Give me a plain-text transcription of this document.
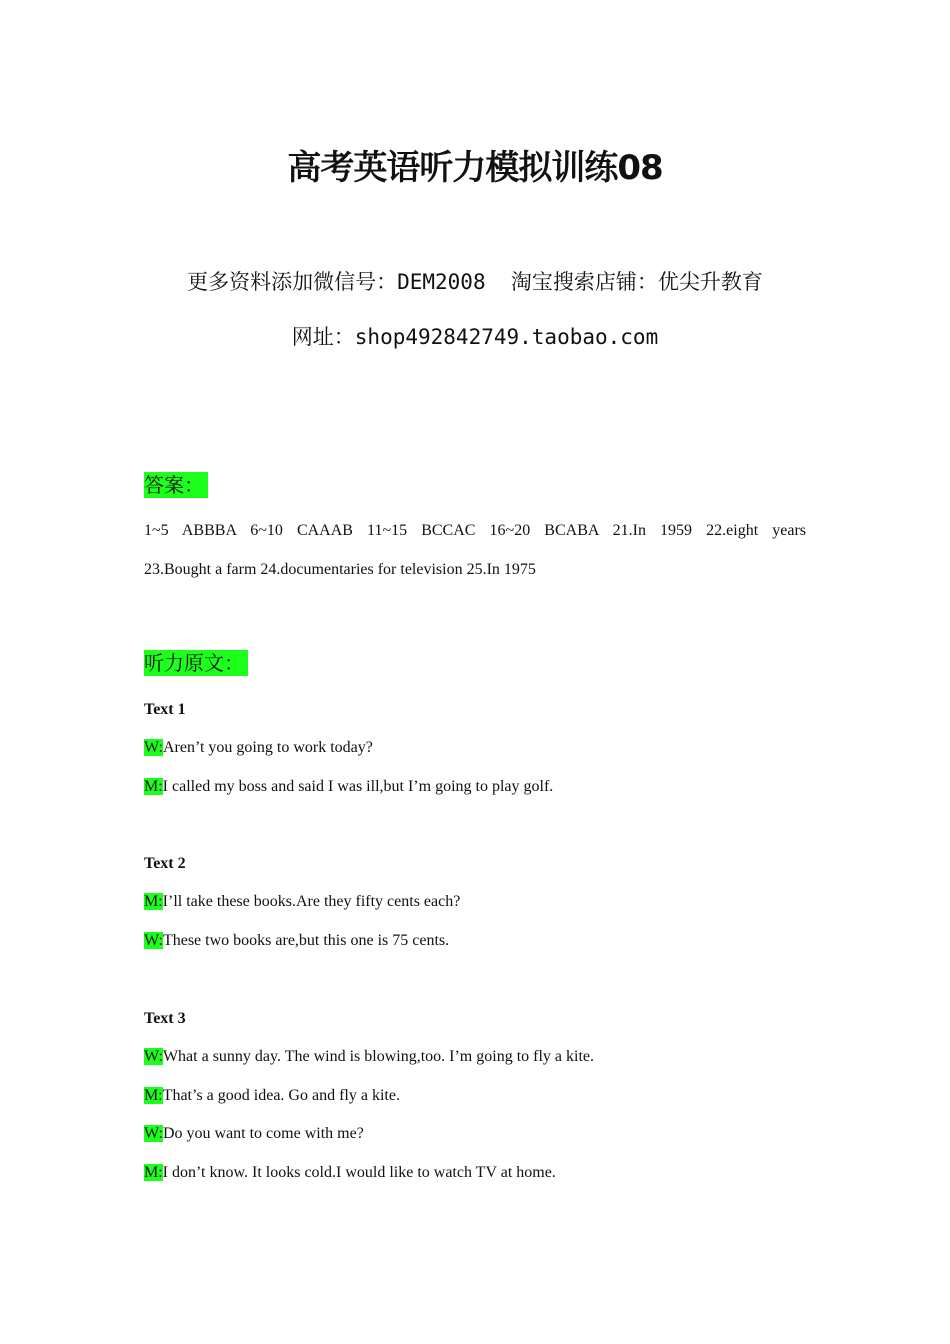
高考英语听力模拟训练08
更多资料添加微信号：DEM2008  淘宝搜索店铺：优尖升教育
网址：shop492842749.taobao.com
答案：
1~5 ABBBA 6~10 CAAAB 11~15 BCCAC 16~20 BCABA 21.In 1959 22.eight years
23.Bought a farm 24.documentaries for television 25.In 1975
听力原文：
Text 1
W:Aren’t you going to work today?
M:I called my boss and said I was ill,but I’m going to play golf.
Text 2
M:I’ll take these books.Are they fifty cents each?
W:These two books are,but this one is 75 cents.
Text 3
W:What a sunny day. The wind is blowing,too. I’m going to fly a kite.
M:That’s a good idea. Go and fly a kite.
W:Do you want to come with me?
M:I don’t know. It looks cold.I would like to watch TV at home.
